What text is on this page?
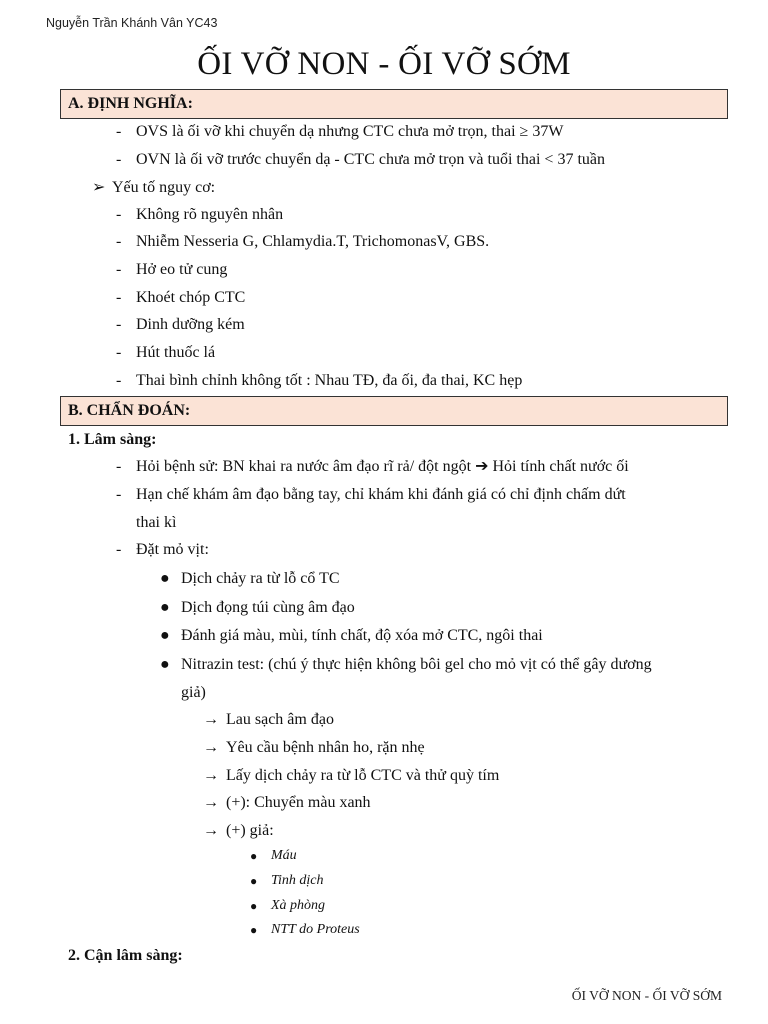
Nguyễn Trần Khánh Vân YC43
ỐI VỠ NON - ỐI VỠ SỚM
A. ĐỊNH NGHĨA:
- OVS là ối vỡ khi chuyển dạ nhưng CTC chưa mở trọn, thai ≥ 37W
- OVN là ối vỡ trước chuyển dạ - CTC chưa mở trọn và tuổi thai < 37 tuần
➢ Yếu tố nguy cơ:
- Không rõ nguyên nhân
- Nhiễm Nesseria G, Chlamydia.T, TrichomonasV, GBS.
- Hở eo tử cung
- Khoét chóp CTC
- Dinh dưỡng kém
- Hút thuốc lá
- Thai bình chỉnh không tốt : Nhau TĐ, đa ối, đa thai, KC hẹp
B. CHẨN ĐOÁN:
1. Lâm sàng:
- Hỏi bệnh sử: BN khai ra nước âm đạo rĩ rả/ đột ngột ➔ Hỏi tính chất nước ối
- Hạn chế khám âm đạo bằng tay, chỉ khám khi đánh giá có chỉ định chấm dứt
thai kì
- Đặt mỏ vịt:
● Dịch chảy ra từ lỗ cổ TC
● Dịch đọng túi cùng âm đạo
● Đánh giá màu, mùi, tính chất, độ xóa mở CTC, ngôi thai
● Nitrazin test: (chú ý thực hiện không bôi gel cho mỏ vịt có thể gây dương
giả)
→ Lau sạch âm đạo
→ Yêu cầu bệnh nhân ho, rặn nhẹ
→ Lấy dịch chảy ra từ lỗ CTC và thử quỳ tím
→ (+): Chuyển màu xanh
→ (+) giả:
● Máu
● Tinh dịch
● Xà phòng
● NTT do Proteus
2. Cận lâm sàng:
ỐI VỠ NON - ỐI VỠ SỚM
